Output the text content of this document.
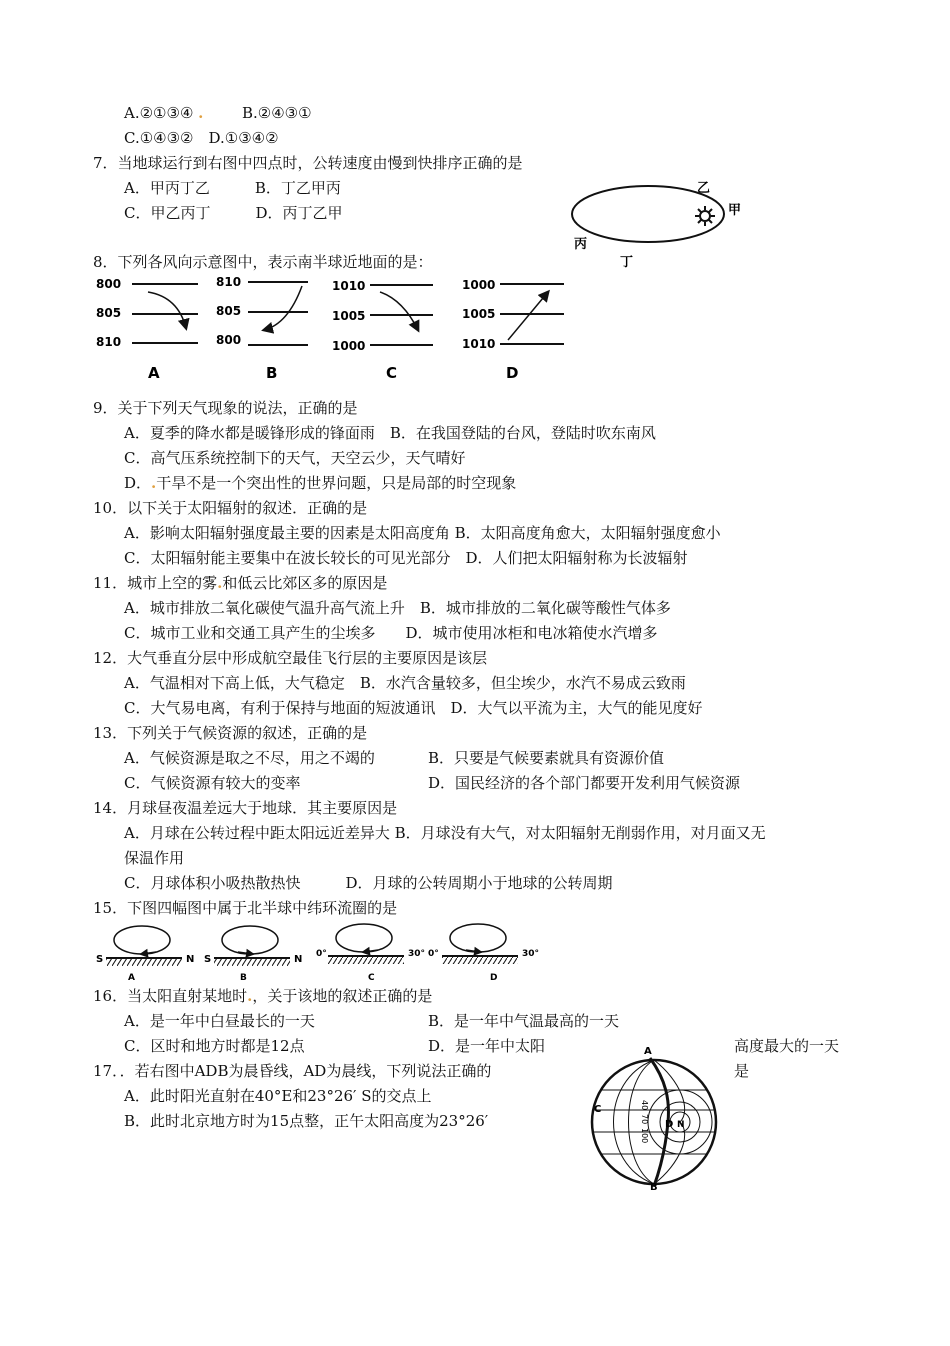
A.②①③④ .	B.②④③①
C.①④③②　D.①③④②
7．当地球运行到右图中四点时，公转速度由慢到快排序正确的是
A．甲丙丁乙　　　B．丁乙甲丙
C．甲乙丙丁　　　D．丙丁乙甲
8．下列各风向示意图中，表示南半球近地面的是：
9．关于下列天气现象的说法，正确的是
A．夏季的降水都是暖锋形成的锋面雨　B．在我国登陆的台风，登陆时吹东南风
C．高气压系统控制下的天气，天空云少，天气晴好
D．.干旱不是一个突出性的世界问题，只是局部的时空现象
10．以下关于太阳辐射的叙述．正确的是
A．影响太阳辐射强度最主要的因素是太阳高度角 B．太阳高度角愈大，太阳辐射强度愈小
C．太阳辐射能主要集中在波长较长的可见光部分　D．人们把太阳辐射称为长波辐射
11．城市上空的雾.和低云比郊区多的原因是
A．城市排放二氧化碳使气温升高气流上升　B．城市排放的二氧化碳等酸性气体多
C．城市工业和交通工具产生的尘埃多　　D．城市使用冰柜和电冰箱使水汽增多
12．大气垂直分层中形成航空最佳飞行层的主要原因是该层
A．气温相对下高上低，大气稳定　B．水汽含量较多，但尘埃少，水汽不易成云致雨
C．大气易电离，有利于保持与地面的短波通讯　D．大气以平流为主，大气的能见度好
13．下列关于气候资源的叙述，正确的是
A．气候资源是取之不尽，用之不竭的	B．只要是气候要素就具有资源价值
C．气候资源有较大的变率	D．国民经济的各个部门都要开发利用气候资源
14．月球昼夜温差远大于地球．其主要原因是
A．月球在公转过程中距太阳远近差异大 B．月球没有大气，对太阳辐射无削弱作用，对月面又无
保温作用
C．月球体积小吸热散热快　　　D．月球的公转周期小于地球的公转周期
15．下图四幅图中属于北半球中纬环流圈的是
16．当太阳直射某地时.，关于该地的叙述正确的是
A．是一年中白昼最长的一天	B．是一年中气温最高的一天
C．区时和地方时都是12点	D．是一年中太阳	高度最大的一天
17．．若右图中ADB为晨昏线，AD为晨线，下列说法正确的	是
A．此时阳光直射在40°E和23°26′ S的交点上
B．此时北京地方时为15点整，正午太阳高度为23°26′
乙
甲
丙
丁
800
805
810
A
810
805
800
B
1010
1005
1000
C
1000
1005
1010
D
S	N
A
S	N
B
0°	30°
C
0°	30°
D
A
B
C
D N
40
70
100
